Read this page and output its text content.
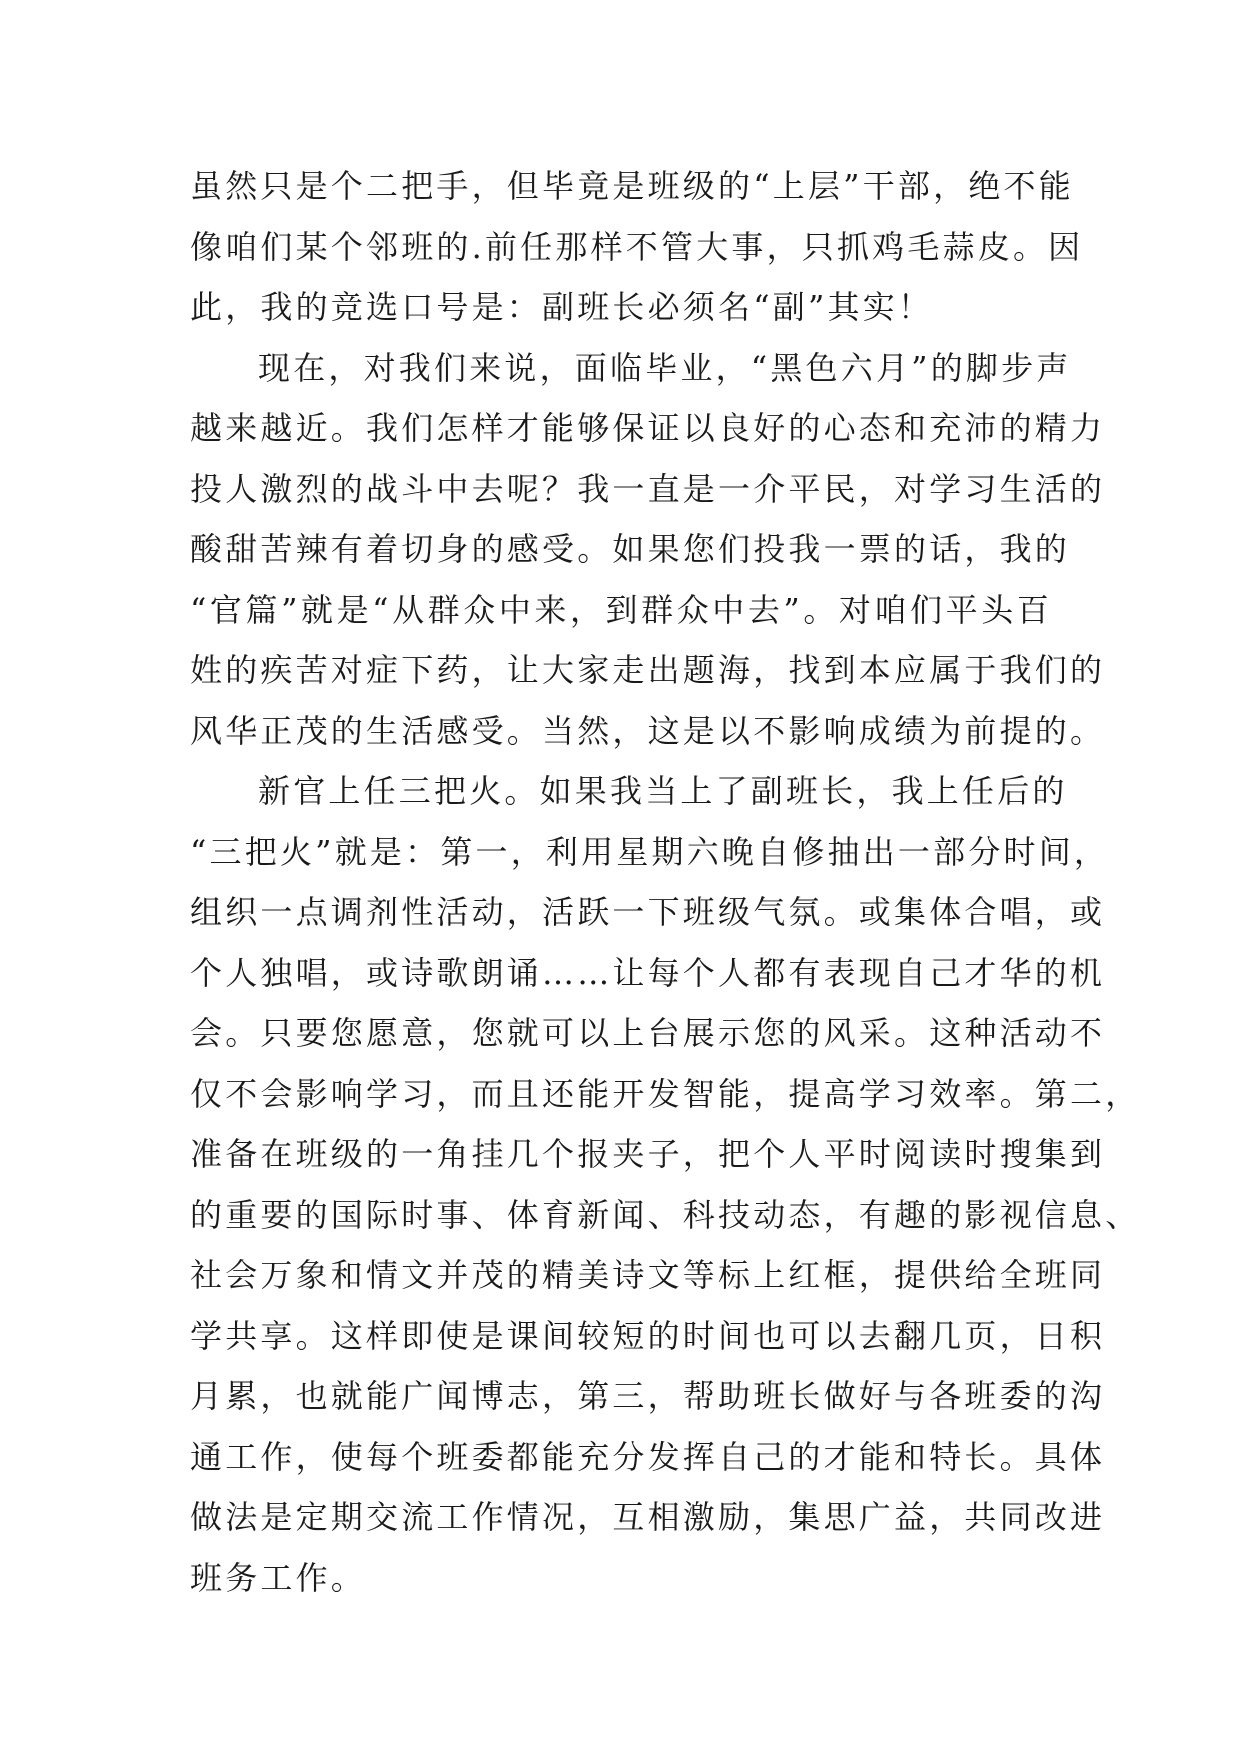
虽然只是个二把手，但毕竟是班级的“上层”干部，绝不能
像咱们某个邻班的.前任那样不管大事，只抓鸡毛蒜皮。因
此，我的竞选口号是：副班长必须名“副”其实！
现在，对我们来说，面临毕业，“黑色六月”的脚步声
越来越近。我们怎样才能够保证以良好的心态和充沛的精力
投人激烈的战斗中去呢？我一直是一介平民，对学习生活的
酸甜苦辣有着切身的感受。如果您们投我一票的话，我的
“官篇”就是“从群众中来，到群众中去”。对咱们平头百
姓的疾苦对症下药，让大家走出题海，找到本应属于我们的
风华正茂的生活感受。当然，这是以不影响成绩为前提的。
新官上任三把火。如果我当上了副班长，我上任后的
“三把火”就是：第一，利用星期六晚自修抽出一部分时间，
组织一点调剂性活动，活跃一下班级气氛。或集体合唱，或
个人独唱，或诗歌朗诵……让每个人都有表现自己才华的机
会。只要您愿意，您就可以上台展示您的风采。这种活动不
仅不会影响学习，而且还能开发智能，提高学习效率。第二，
准备在班级的一角挂几个报夹子，把个人平时阅读时搜集到
的重要的国际时事、体育新闻、科技动态，有趣的影视信息、
社会万象和情文并茂的精美诗文等标上红框，提供给全班同
学共享。这样即使是课间较短的时间也可以去翻几页，日积
月累，也就能广闻博志，第三，帮助班长做好与各班委的沟
通工作，使每个班委都能充分发挥自己的才能和特长。具体
做法是定期交流工作情况，互相激励，集思广益，共同改进
班务工作。
